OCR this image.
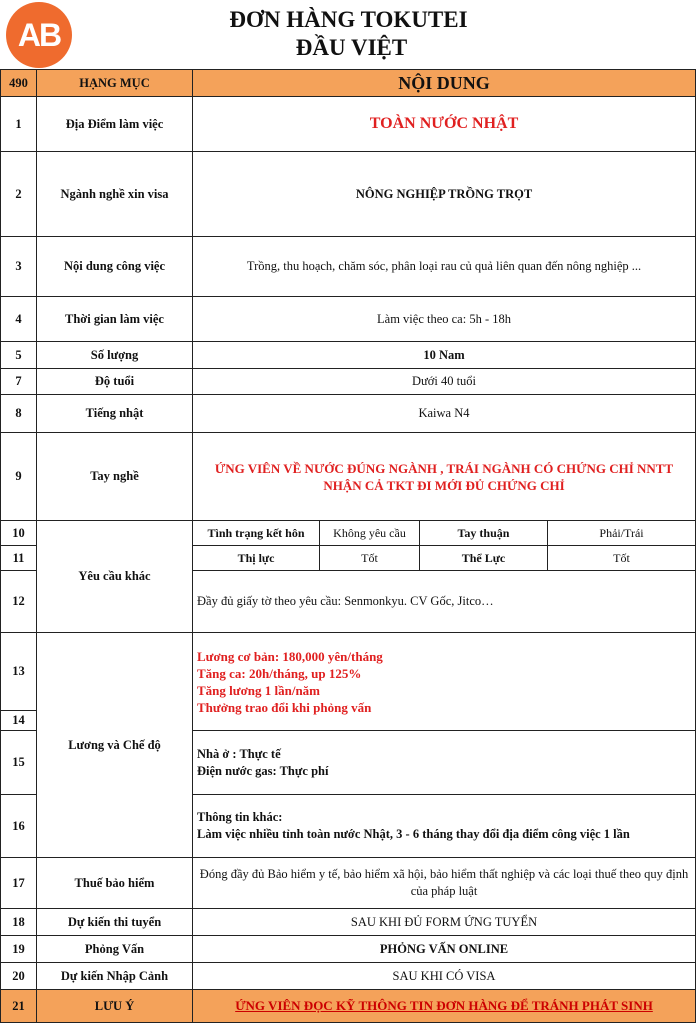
AB	ĐƠN HÀNG TOKUTEI
ĐẦU VIỆT
490	HẠNG MỤC	NỘI DUNG			
1	Địa Điểm làm việc	TOÀN NƯỚC NHẬT			
2	Ngành nghề xin visa	NÔNG NGHIỆP TRỒNG TRỌT			
3	Nội dung công việc	Trồng, thu hoạch, chăm sóc, phân loại rau củ quả liên quan đến nông nghiệp ...			
4	Thời gian làm việc	Làm việc theo ca: 5h - 18h			
5	Số lượng	10 Nam			
7	Độ tuổi	Dưới 40 tuổi			
8	Tiếng nhật	Kaiwa N4			
9	Tay nghề	ỨNG VIÊN VỀ NƯỚC ĐÚNG NGÀNH , TRÁI NGÀNH CÓ CHỨNG CHỈ NNTT
NHẬN CẢ TKT ĐI MỚI ĐỦ CHỨNG CHỈ			

10	Yêu cầu khác	Tình trạng kết hôn	Không yêu cầu	Tay thuận	Phải/Trái
11		Thị lực	Tốt	Thể Lực	Tốt
12		Đầy đủ giấy tờ theo yêu cầu: Senmonkyu. CV Gốc, Jitco…			
13	Lương và Chế độ	Lương cơ bản: 180,000 yên/tháng
Tăng ca: 20h/tháng, up 125%
Tăng lương 1 lần/năm
Thưởng trao đổi khi phỏng vấn			

14					
15		Nhà ở : Thực tế
Điện nước gas: Thực phí			

16		Thông tin khác:
Làm việc nhiều tỉnh toàn nước Nhật, 3 - 6 tháng thay đổi địa điểm công việc 1 lần			

17	Thuế bảo hiểm	Đóng đầy đủ Bảo hiểm y tế, bảo hiểm xã hội, bảo hiểm thất nghiệp và các loại thuế theo quy định của pháp luật			
18	Dự kiến thi tuyển	SAU KHI ĐỦ FORM ỨNG TUYỂN			
19	Phỏng Vấn	PHỎNG VẤN ONLINE			
20	Dự kiến Nhập Cảnh	SAU KHI CÓ VISA			
21	LƯU Ý	ỨNG VIÊN ĐỌC KỸ THÔNG TIN ĐƠN HÀNG ĐỂ TRÁNH PHÁT SINH			
